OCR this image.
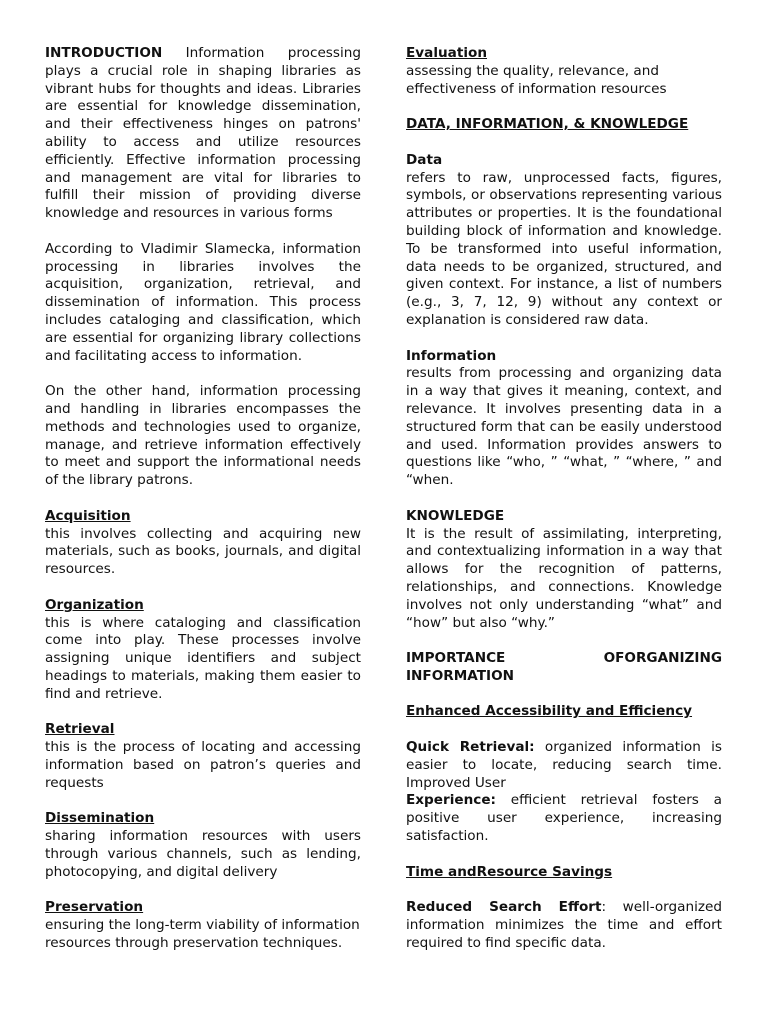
INTRODUCTION Information processing plays a crucial role in shaping libraries as vibrant hubs for thoughts and ideas. Libraries are essential for knowledge dissemination, and their effectiveness hinges on patrons' ability to access and utilize resources efficiently. Effective information processing and management are vital for libraries to fulfill their mission of providing diverse knowledge and resources in various forms

According to Vladimir Slamecka, information processing in libraries involves the acquisition, organization, retrieval, and dissemination of information. This process includes cataloging and classification, which are essential for organizing library collections and facilitating access to information.

On the other hand, information processing and handling in libraries encompasses the methods and technologies used to organize, manage, and retrieve information effectively to meet and support the informational needs of the library patrons.

Acquisition

this involves collecting and acquiring new materials, such as books, journals, and digital resources.

Organization

this is where cataloging and classification come into play. These processes involve assigning unique identifiers and subject headings to materials, making them easier to find and retrieve.

Retrieval

this is the process of locating and accessing information based on patron’s queries and requests

Dissemination

sharing information resources with users through various channels, such as lending, photocopying, and digital delivery

Preservation

ensuring the long-term viability of information resources through preservation techniques.

Evaluation

assessing the quality, relevance, and effectiveness of information resources

DATA, INFORMATION, & KNOWLEDGE
Data

refers to raw, unprocessed facts, figures, symbols, or observations representing various attributes or properties. It is the foundational building block of information and knowledge. To be transformed into useful information, data needs to be organized, structured, and given context. For instance, a list of numbers (e.g., 3, 7, 12, 9) without any context or explanation is considered raw data.

Information

results from processing and organizing data in a way that gives it meaning, context, and relevance. It involves presenting data in a structured form that can be easily understood and used. Information provides answers to questions like “who, ” “what, ” “where, ” and “when.

KNOWLEDGE

It is the result of assimilating, interpreting, and contextualizing information in a way that allows for the recognition of patterns, relationships, and connections. Knowledge involves not only understanding “what” and “how” but also “why.”

IMPORTANCE OFORGANIZING INFORMATION

Enhanced Accessibility and Efficiency

Quick Retrieval: organized information is easier to locate, reducing search time. Improved User

Experience: efficient retrieval fosters a positive user experience, increasing satisfaction.

Time andResource Savings

Reduced Search Effort: well-organized information minimizes the time and effort required to find specific data.
